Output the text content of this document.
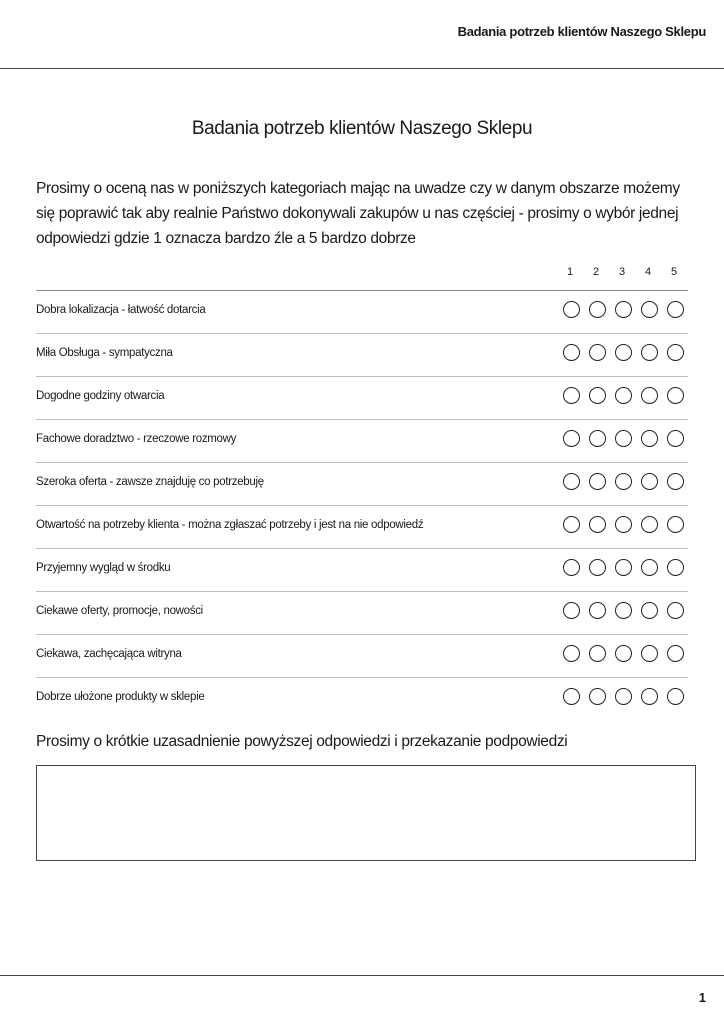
Badania potrzeb klientów Naszego Sklepu
Badania potrzeb klientów Naszego Sklepu
Prosimy o oceną nas w poniższych kategoriach mając na uwadze czy w danym obszarze możemy się poprawić tak aby realnie Państwo dokonywali zakupów u nas częściej - prosimy o wybór jednej odpowiedzi gdzie 1 oznacza bardzo źle a 5 bardzo dobrze
1	2	3	4	5
Dobra lokalizacja - łatwość dotarcia
Miła Obsługa - sympatyczna
Dogodne godziny otwarcia
Fachowe doradztwo - rzeczowe rozmowy
Szeroka oferta - zawsze znajduję co potrzebuję
Otwartość na potrzeby klienta - można zgłaszać potrzeby i jest na nie odpowiedź
Przyjemny wygląd w środku
Ciekawe oferty, promocje, nowości
Ciekawa, zachęcająca witryna
Dobrze ułożone produkty w sklepie
Prosimy o krótkie uzasadnienie powyższej odpowiedzi i przekazanie podpowiedzi
1
